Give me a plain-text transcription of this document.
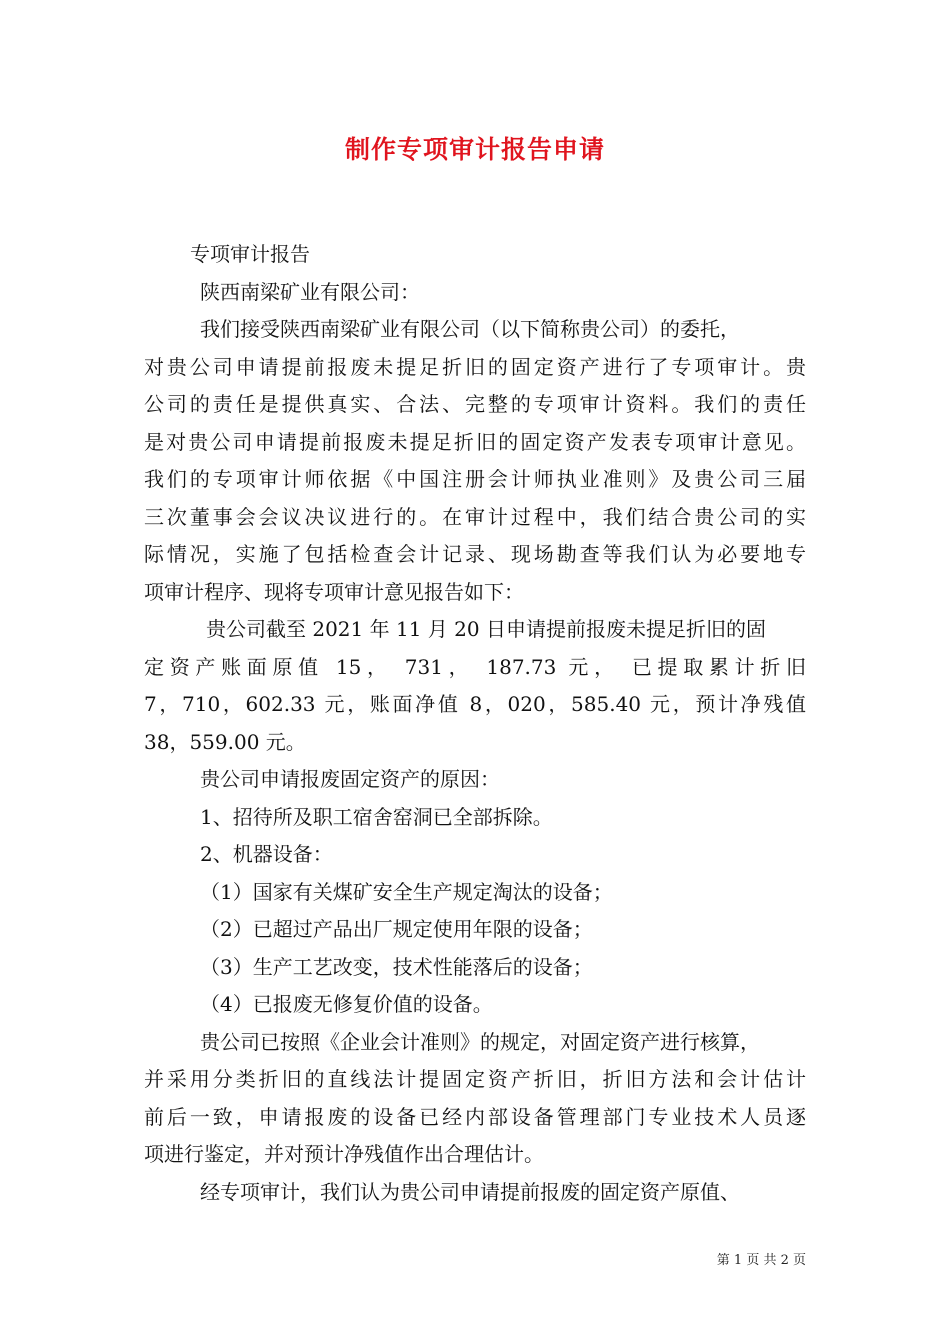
制作专项审计报告申请

专项审计报告

陕西南梁矿业有限公司：

我们接受陕西南梁矿业有限公司（以下简称贵公司）的委托，

对贵公司申请提前报废未提足折旧的固定资产进行了专项审计。贵

公司的责任是提供真实、合法、完整的专项审计资料。我们的责任

是对贵公司申请提前报废未提足折旧的固定资产发表专项审计意见。

我们的专项审计师依据《中国注册会计师执业准则》及贵公司三届

三次董事会会议决议进行的。在审计过程中，我们结合贵公司的实

际情况，实施了包括检查会计记录、现场勘查等我们认为必要地专

项审计程序、现将专项审计意见报告如下：

贵公司截至 2021 年 11 月 20 日申请提前报废未提足折旧的固

定资产账面原值 15， 731， 187.73 元， 已提取累计折旧

7，710，602.33 元，账面净值 8，020，585.40 元，预计净残值

38，559.00 元。

贵公司申请报废固定资产的原因：

1、招待所及职工宿舍窑洞已全部拆除。

2、机器设备：

（1）国家有关煤矿安全生产规定淘汰的设备；

（2）已超过产品出厂规定使用年限的设备；

（3）生产工艺改变，技术性能落后的设备；

（4）已报废无修复价值的设备。

贵公司已按照《企业会计准则》的规定，对固定资产进行核算，

并采用分类折旧的直线法计提固定资产折旧，折旧方法和会计估计

前后一致，申请报废的设备已经内部设备管理部门专业技术人员逐

项进行鉴定，并对预计净残值作出合理估计。

经专项审计，我们认为贵公司申请提前报废的固定资产原值、

第 1 页 共 2 页
